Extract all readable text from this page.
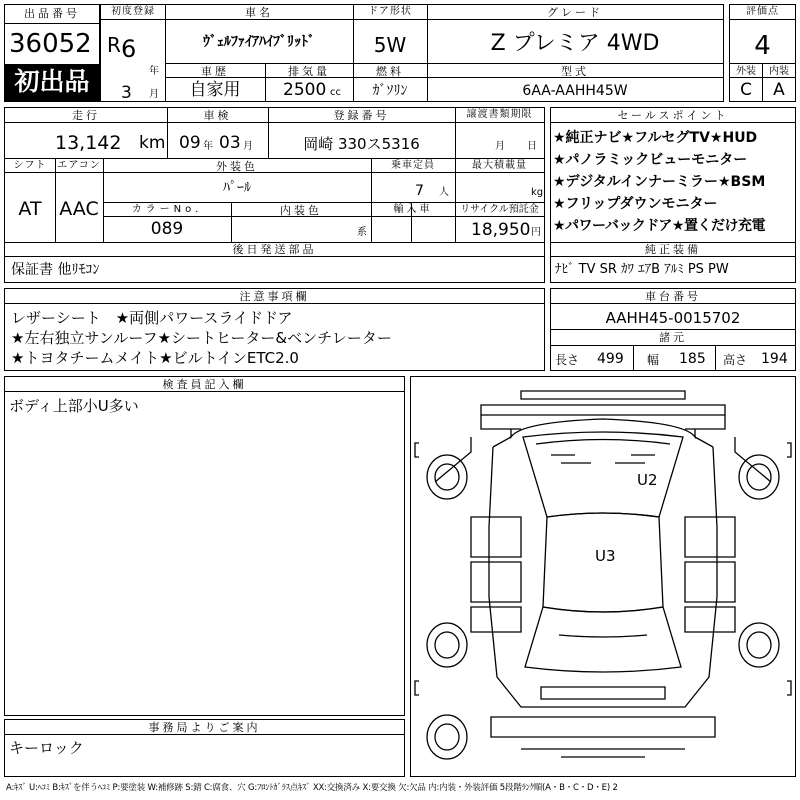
出品番号
36052
初出品
初度登録
R 6
年
3 月
車名
ｳﾞｪﾙﾌｧｲｱﾊｲﾌﾞﾘｯﾄﾞ
ドア形状
5W
グレード
Z プレミア 4WD
車歴
自家用
排気量
2500 cc
燃料
ｶﾞｿﾘﾝ
型式
6AA-AAHH45W
評価点
4
外装	内装
C	A
走行
13,142 km
車検
09 年 03 月
登録番号
岡崎 330ス5316
譲渡書類期限
月 日
シフト
AT
エアコン
AAC
外装色
ﾊﾟｰﾙ
乗車定員
7 人
最大積載量
kg
カラーNo.
089
内装色
系
輸入車	リサイクル預託金
18,950 円
後日発送部品
保証書 他ﾘﾓｺﾝ
セールスポイント
★純正ナビ★フルセグTV★HUD
★パノラミックビューモニター
★デジタルインナーミラー★BSM
★フリップダウンモニター
★パワーバックドア★置くだけ充電
純正装備
ﾅﾋﾞ TV SR ｶﾜ ｴｱB ｱﾙﾐ PS PW
注意事項欄
レザーシート　★両側パワースライドドア
★左右独立サンルーフ★シートヒーター&ベンチレーター
★トヨタチームメイト★ビルトインETC2.0
車台番号
AAHH45-0015702
諸元
長さ 499 幅 185 高さ 194
検査員記入欄
ボディ上部小U多い
事務局よりご案内
キーロック
U2
U3
A:ｷｽﾞ U:ﾍｺﾐ B:ｷｽﾞを伴うﾍｺﾐ P:要塗装 W:補修跡 S:錆 C:腐食、穴 G:ﾌﾛﾝﾄｶﾞﾗｽ点ｷｽﾞ XX:交換済み X:要交換 欠:欠品 内:内装・外装評価 5段階ﾗﾝｸ順(A・B・C・D・E) 2
